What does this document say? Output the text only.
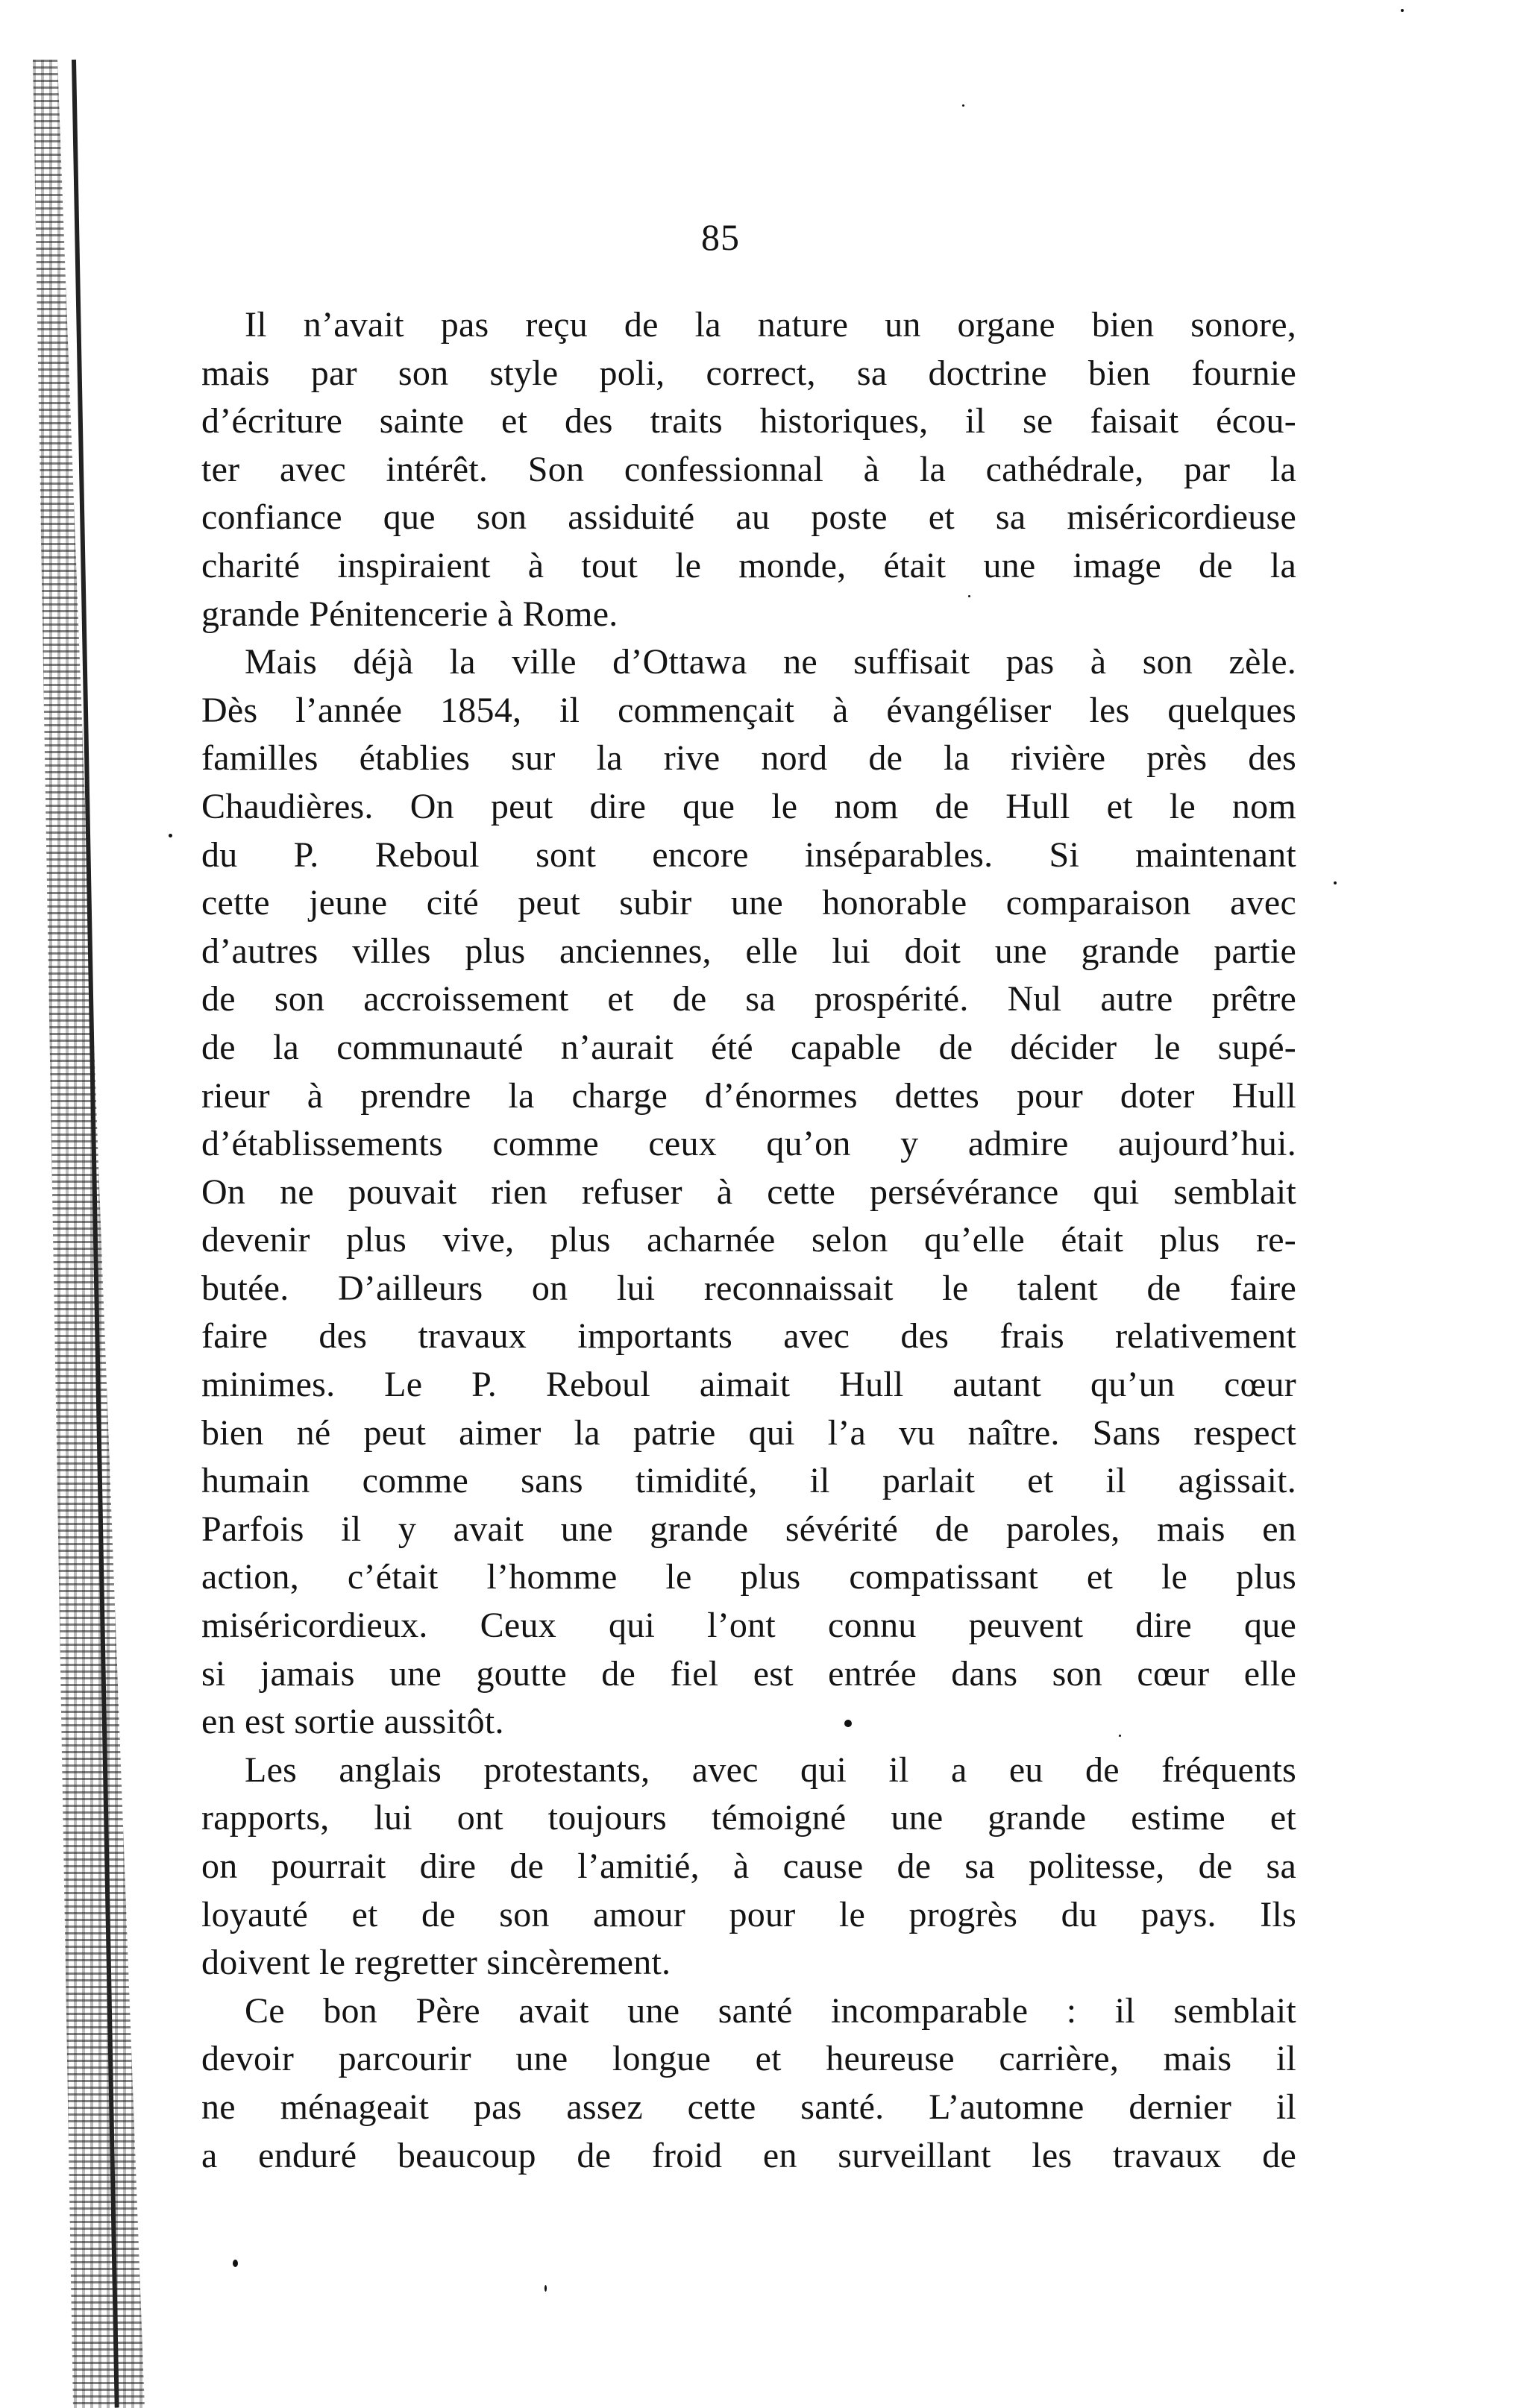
85
Il n’avait pas reçu de la nature un organe bien sonore,
mais par son style poli, correct, sa doctrine bien fournie
d’écriture sainte et des traits historiques, il se faisait écou-
ter avec intérêt. Son confessionnal à la cathédrale, par la
confiance que son assiduité au poste et sa miséricordieuse
charité inspiraient à tout le monde, était une image de la
grande Pénitencerie à Rome.
Mais déjà la ville d’Ottawa ne suffisait pas à son zèle.
Dès l’année 1854, il commençait à évangéliser les quelques
familles établies sur la rive nord de la rivière près des
Chaudières. On peut dire que le nom de Hull et le nom
du P. Reboul sont encore inséparables. Si maintenant
cette jeune cité peut subir une honorable comparaison avec
d’autres villes plus anciennes, elle lui doit une grande partie
de son accroissement et de sa prospérité. Nul autre prêtre
de la communauté n’aurait été capable de décider le supé-
rieur à prendre la charge d’énormes dettes pour doter Hull
d’établissements comme ceux qu’on y admire aujourd’hui.
On ne pouvait rien refuser à cette persévérance qui semblait
devenir plus vive, plus acharnée selon qu’elle était plus re-
butée. D’ailleurs on lui reconnaissait le talent de faire
faire des travaux importants avec des frais relativement
minimes. Le P. Reboul aimait Hull autant qu’un cœur
bien né peut aimer la patrie qui l’a vu naître. Sans respect
humain comme sans timidité, il parlait et il agissait.
Parfois il y avait une grande sévérité de paroles, mais en
action, c’était l’homme le plus compatissant et le plus
miséricordieux. Ceux qui l’ont connu peuvent dire que
si jamais une goutte de fiel est entrée dans son cœur elle
en est sortie aussitôt.
Les anglais protestants, avec qui il a eu de fréquents
rapports, lui ont toujours témoigné une grande estime et
on pourrait dire de l’amitié, à cause de sa politesse, de sa
loyauté et de son amour pour le progrès du pays. Ils
doivent le regretter sincèrement.
Ce bon Père avait une santé incomparable : il semblait
devoir parcourir une longue et heureuse carrière, mais il
ne ménageait pas assez cette santé. L’automne dernier il
a enduré beaucoup de froid en surveillant les travaux de
